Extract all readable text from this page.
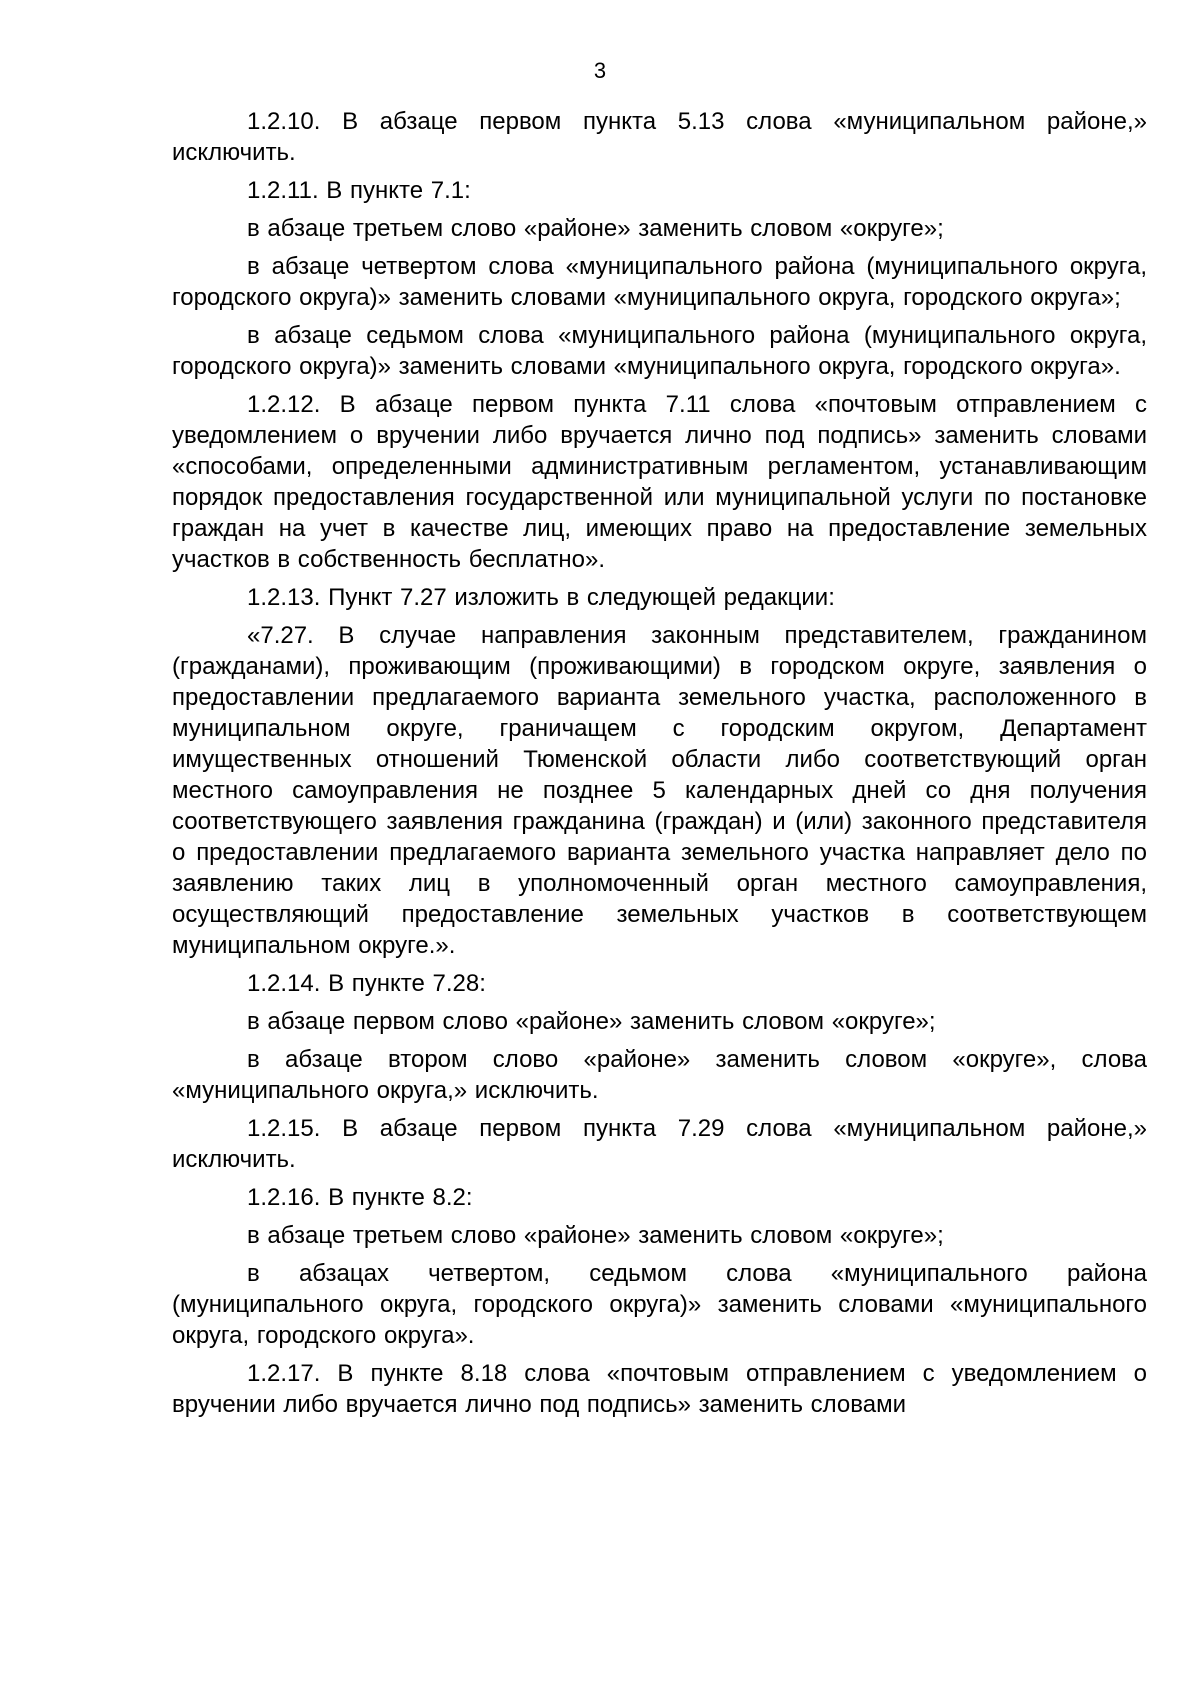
3

1.2.10. В абзаце первом пункта 5.13 слова «муниципальном районе,» исключить.

1.2.11. В пункте 7.1:

в абзаце третьем слово «районе» заменить словом «округе»;

в абзаце четвертом слова «муниципального района (муниципального округа, городского округа)» заменить словами «муниципального округа, городского округа»;

в абзаце седьмом слова «муниципального района (муниципального округа, городского округа)» заменить словами «муниципального округа, городского округа».

1.2.12. В абзаце первом пункта 7.11 слова «почтовым отправлением с уведомлением о вручении либо вручается лично под подпись» заменить словами «способами, определенными административным регламентом, устанавливающим порядок предоставления государственной или муниципальной услуги по постановке граждан на учет в качестве лиц, имеющих право на предоставление земельных участков в собственность бесплатно».

1.2.13. Пункт 7.27 изложить в следующей редакции:

«7.27. В случае направления законным представителем, гражданином (гражданами), проживающим (проживающими) в городском округе, заявления о предоставлении предлагаемого варианта земельного участка, расположенного в муниципальном округе, граничащем с городским округом, Департамент имущественных отношений Тюменской области либо соответствующий орган местного самоуправления не позднее 5 календарных дней со дня получения соответствующего заявления гражданина (граждан) и (или) законного представителя о предоставлении предлагаемого варианта земельного участка направляет дело по заявлению таких лиц в уполномоченный орган местного самоуправления, осуществляющий предоставление земельных участков в соответствующем муниципальном округе.».

1.2.14. В пункте 7.28:

в абзаце первом слово «районе» заменить словом «округе»;

в абзаце втором слово «районе» заменить словом «округе», слова «муниципального округа,» исключить.

1.2.15. В абзаце первом пункта 7.29 слова «муниципальном районе,» исключить.

1.2.16. В пункте 8.2:

в абзаце третьем слово «районе» заменить словом «округе»;

в абзацах четвертом, седьмом слова «муниципального района (муниципального округа, городского округа)» заменить словами «муниципального округа, городского округа».

1.2.17. В пункте 8.18 слова «почтовым отправлением с уведомлением о вручении либо вручается лично под подпись» заменить словами
